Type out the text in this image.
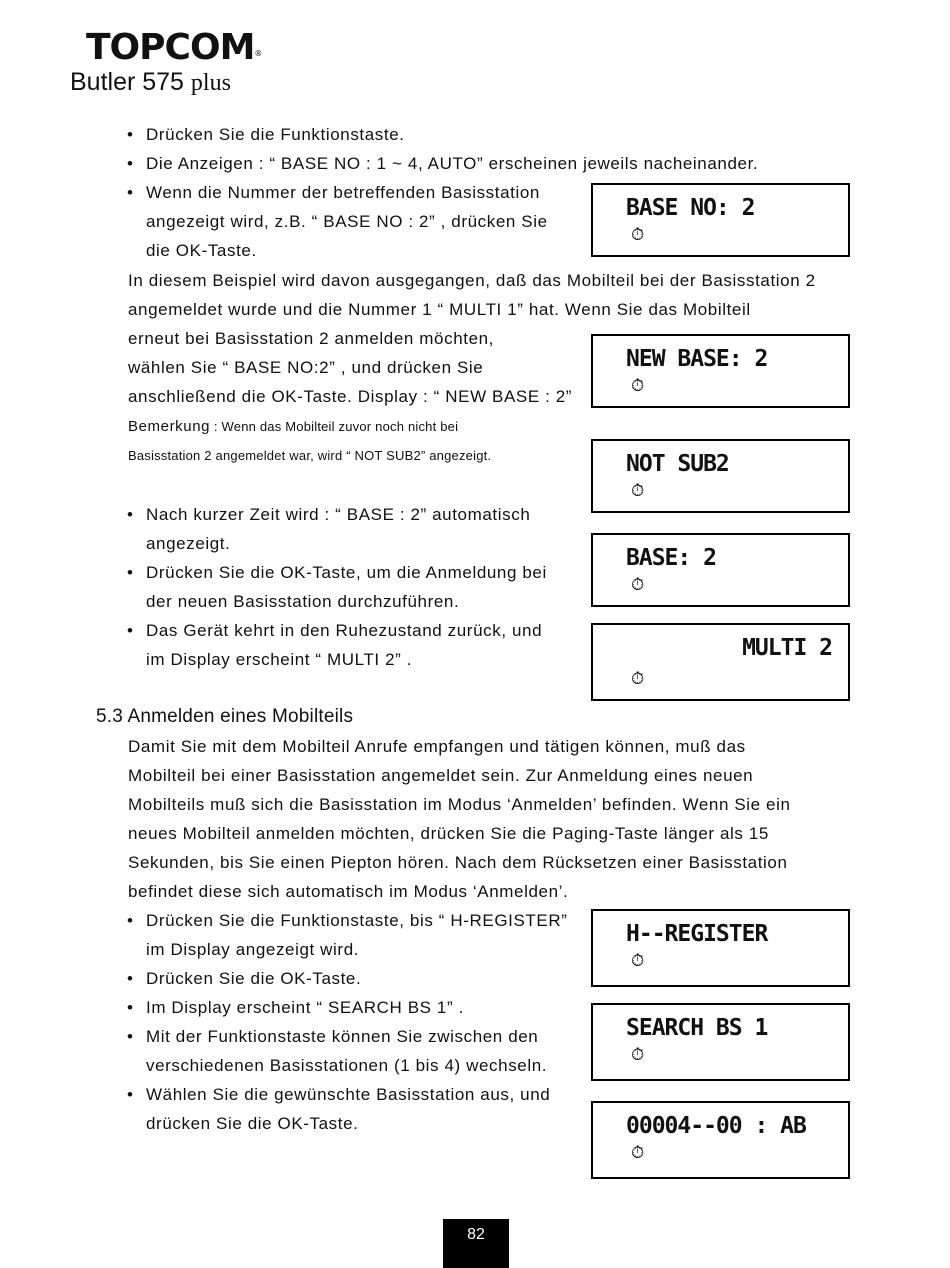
TOPCOM®
Butler 575 plus
• Drücken Sie die Funktionstaste.
• Die Anzeigen : “ BASE NO : 1 ~ 4, AUTO” erscheinen jeweils nacheinander.
• Wenn die Nummer der betreffenden Basisstation
angezeigt wird, z.B. “ BASE NO : 2” , drücken Sie
die OK-Taste.
In diesem Beispiel wird davon ausgegangen, daß das Mobilteil bei der Basisstation 2
angemeldet wurde und die Nummer 1 “ MULTI 1” hat. Wenn Sie das Mobilteil
erneut bei Basisstation 2 anmelden möchten,
wählen Sie “ BASE NO:2” , und drücken Sie
anschließend die OK-Taste. Display : “ NEW BASE : 2”
Bemerkung : Wenn das Mobilteil zuvor noch nicht bei
Basisstation 2 angemeldet war, wird “ NOT SUB2” angezeigt.
• Nach kurzer Zeit wird : “ BASE : 2” automatisch
angezeigt.
• Drücken Sie die OK-Taste, um die Anmeldung bei
der neuen Basisstation durchzuführen.
• Das Gerät kehrt in den Ruhezustand zurück, und
im Display erscheint “ MULTI 2” .
5.3 Anmelden eines Mobilteils
Damit Sie mit dem Mobilteil Anrufe empfangen und tätigen können, muß das
Mobilteil bei einer Basisstation angemeldet sein. Zur Anmeldung eines neuen
Mobilteils muß sich die Basisstation im Modus ‘Anmelden’ befinden. Wenn Sie ein
neues Mobilteil anmelden möchten, drücken Sie die Paging-Taste länger als 15
Sekunden, bis Sie einen Piepton hören. Nach dem Rücksetzen einer Basisstation
befindet diese sich automatisch im Modus ‘Anmelden’.
• Drücken Sie die Funktionstaste, bis “ H-REGISTER”
im Display angezeigt wird.
• Drücken Sie die OK-Taste.
• Im Display erscheint “ SEARCH BS 1” .
• Mit der Funktionstaste können Sie zwischen den
verschiedenen Basisstationen (1 bis 4) wechseln.
• Wählen Sie die gewünschte Basisstation aus, und
drücken Sie die OK-Taste.
BASE NO: 2
⏱
NEW BASE: 2
⏱
NOT SUB2
⏱
BASE: 2
⏱
MULTI 2
⏱
H--REGISTER
⏱
SEARCH BS 1
⏱
00004--00 : AB
⏱
82
